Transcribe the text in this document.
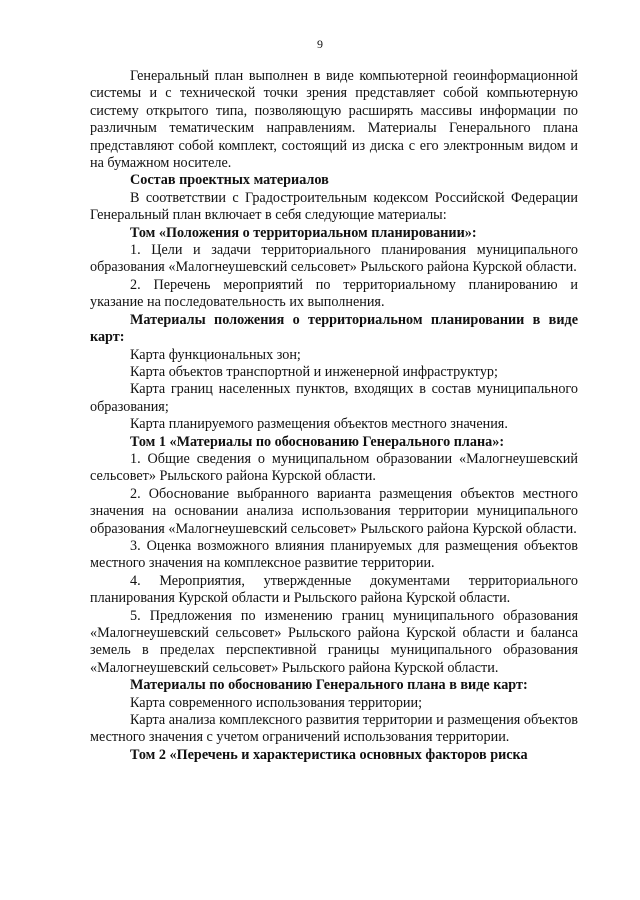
9

Генеральный план выполнен в виде компьютерной геоинформационной системы и с технической точки зрения представляет собой компьютерную систему открытого типа, позволяющую расширять массивы информации по различным тематическим направлениям. Материалы Генерального плана представляют собой комплект, состоящий из диска с его электронным видом и на бумажном носителе.

Состав проектных материалов

В соответствии с Градостроительным кодексом Российской Федерации Генеральный план включает в себя следующие материалы:

Том «Положения о территориальном планировании»:

1. Цели и задачи территориального планирования муниципального образования «Малогнеушевский сельсовет» Рыльского района Курской области.

2. Перечень мероприятий по территориальному планированию и указание на последовательность их выполнения.

Материалы положения о территориальном планировании в виде карт:

Карта функциональных зон;

Карта объектов транспортной и инженерной инфраструктур;

Карта границ населенных пунктов, входящих в состав муниципального образования;

Карта планируемого размещения объектов местного значения.

Том 1 «Материалы по обоснованию Генерального плана»:

1. Общие сведения о муниципальном образовании «Малогнеушевский сельсовет» Рыльского района Курской области.

2. Обоснование выбранного варианта размещения объектов местного значения на основании анализа использования территории муниципального образования «Малогнеушевский сельсовет» Рыльского района Курской области.

3. Оценка возможного влияния планируемых для размещения объектов местного значения на комплексное развитие территории.

4. Мероприятия, утвержденные документами территориального планирования Курской области и Рыльского района Курской области.

5. Предложения по изменению границ муниципального образования «Малогнеушевский сельсовет» Рыльского района Курской области и баланса земель в пределах перспективной границы муниципального образования «Малогнеушевский сельсовет» Рыльского района Курской области.

Материалы по обоснованию Генерального плана в виде карт:

Карта современного использования территории;

Карта анализа комплексного развития территории и размещения объектов местного значения с учетом ограничений использования территории.

Том 2 «Перечень и характеристика основных факторов риска
